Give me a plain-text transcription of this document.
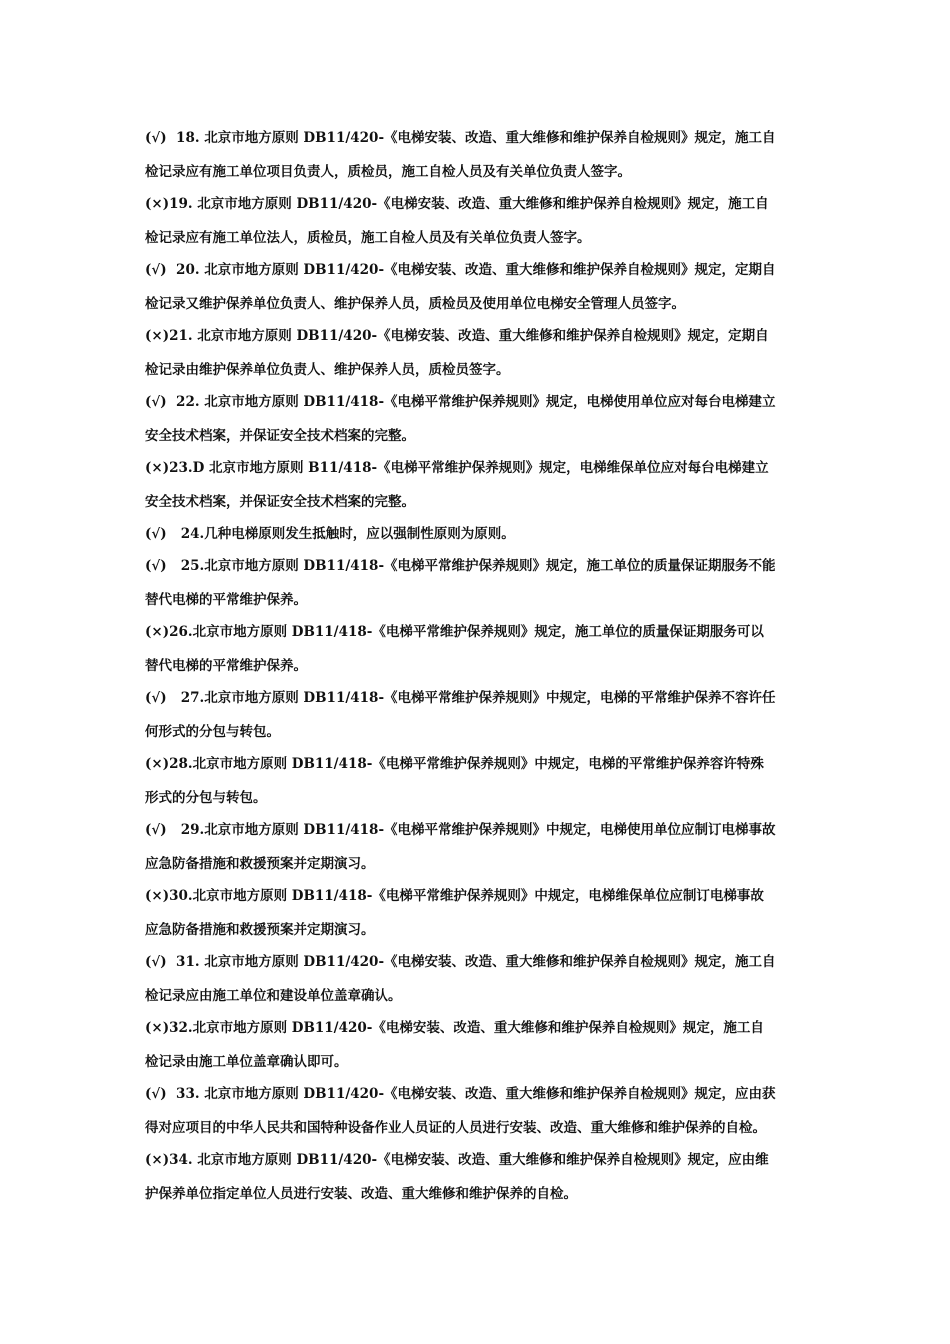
(√)  18. 北京市地方原则 DB11/420-《电梯安装、改造、重大维修和维护保养自检规则》规定，施工自
检记录应有施工单位项目负责人，质检员，施工自检人员及有关单位负责人签字。
(×)19. 北京市地方原则 DB11/420-《电梯安装、改造、重大维修和维护保养自检规则》规定，施工自
检记录应有施工单位法人，质检员，施工自检人员及有关单位负责人签字。
(√)  20. 北京市地方原则 DB11/420-《电梯安装、改造、重大维修和维护保养自检规则》规定，定期自
检记录又维护保养单位负责人、维护保养人员，质检员及使用单位电梯安全管理人员签字。
(×)21. 北京市地方原则 DB11/420-《电梯安装、改造、重大维修和维护保养自检规则》规定，定期自
检记录由维护保养单位负责人、维护保养人员，质检员签字。
(√)  22. 北京市地方原则 DB11/418-《电梯平常维护保养规则》规定，电梯使用单位应对每台电梯建立
安全技术档案，并保证安全技术档案的完整。
(×)23.D 北京市地方原则 B11/418-《电梯平常维护保养规则》规定，电梯维保单位应对每台电梯建立
安全技术档案，并保证安全技术档案的完整。
(√)   24.几种电梯原则发生抵触时，应以强制性原则为原则。
(√)   25.北京市地方原则 DB11/418-《电梯平常维护保养规则》规定，施工单位的质量保证期服务不能
替代电梯的平常维护保养。
(×)26.北京市地方原则 DB11/418-《电梯平常维护保养规则》规定，施工单位的质量保证期服务可以
替代电梯的平常维护保养。
(√)   27.北京市地方原则 DB11/418-《电梯平常维护保养规则》中规定，电梯的平常维护保养不容许任
何形式的分包与转包。
(×)28.北京市地方原则 DB11/418-《电梯平常维护保养规则》中规定，电梯的平常维护保养容许特殊
形式的分包与转包。
(√)   29.北京市地方原则 DB11/418-《电梯平常维护保养规则》中规定，电梯使用单位应制订电梯事故
应急防备措施和救援预案并定期演习。
(×)30.北京市地方原则 DB11/418-《电梯平常维护保养规则》中规定，电梯维保单位应制订电梯事故
应急防备措施和救援预案并定期演习。
(√)  31. 北京市地方原则 DB11/420-《电梯安装、改造、重大维修和维护保养自检规则》规定，施工自
检记录应由施工单位和建设单位盖章确认。
(×)32.北京市地方原则 DB11/420-《电梯安装、改造、重大维修和维护保养自检规则》规定，施工自
检记录由施工单位盖章确认即可。
(√)  33. 北京市地方原则 DB11/420-《电梯安装、改造、重大维修和维护保养自检规则》规定，应由获
得对应项目的中华人民共和国特种设备作业人员证的人员进行安装、改造、重大维修和维护保养的自检。
(×)34. 北京市地方原则 DB11/420-《电梯安装、改造、重大维修和维护保养自检规则》规定，应由维
护保养单位指定单位人员进行安装、改造、重大维修和维护保养的自检。
